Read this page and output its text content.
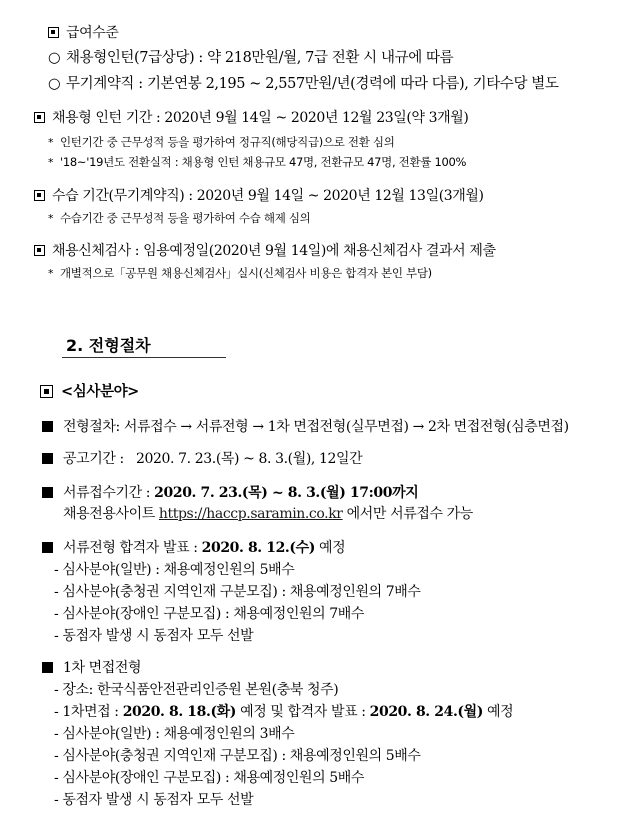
급여수준
○ 채용형인턴(7급상당) : 약 218만원/월, 7급 전환 시 내규에 따름
○ 무기계약직 : 기본연봉 2,195 ~ 2,557만원/년(경력에 따라 다름), 기타수당 별도
채용형 인턴 기간 : 2020년 9월 14일 ~ 2020년 12월 23일(약 3개월)
* 인턴기간 중 근무성적 등을 평가하여 정규직(해당직급)으로 전환 심의
* '18~'19년도 전환실적 : 채용형 인턴 채용규모 47명, 전환규모 47명, 전환률 100%
수습 기간(무기계약직) : 2020년 9월 14일 ~ 2020년 12월 13일(3개월)
* 수습기간 중 근무성적 등을 평가하여 수습 해제 심의
채용신체검사 : 임용예정일(2020년 9월 14일)에 채용신체검사 결과서 제출
* 개별적으로「공무원 채용신체검사」실시(신체검사 비용은 합격자 본인 부담)
2. 전형절차
<심사분야>
전형절차: 서류접수 → 서류전형 → 1차 면접전형(실무면접) → 2차 면접전형(심층면접)
공고기간 :   2020. 7. 23.(목) ~ 8. 3.(월), 12일간
서류접수기간 : 2020. 7. 23.(목) ~ 8. 3.(월) 17:00까지
채용전용사이트 https://haccp.saramin.co.kr 에서만 서류접수 가능
서류전형 합격자 발표 : 2020. 8. 12.(수) 예정
- 심사분야(일반) : 채용예정인원의 5배수
- 심사분야(충청권 지역인재 구분모집) : 채용예정인원의 7배수
- 심사분야(장애인 구분모집) : 채용예정인원의 7배수
- 동점자 발생 시 동점자 모두 선발
1차 면접전형
- 장소: 한국식품안전관리인증원 본원(충북 청주)
- 1차면접 : 2020. 8. 18.(화) 예정 및 합격자 발표 : 2020. 8. 24.(월) 예정
- 심사분야(일반) : 채용예정인원의 3배수
- 심사분야(충청권 지역인재 구분모집) : 채용예정인원의 5배수
- 심사분야(장애인 구분모집) : 채용예정인원의 5배수
- 동점자 발생 시 동점자 모두 선발
